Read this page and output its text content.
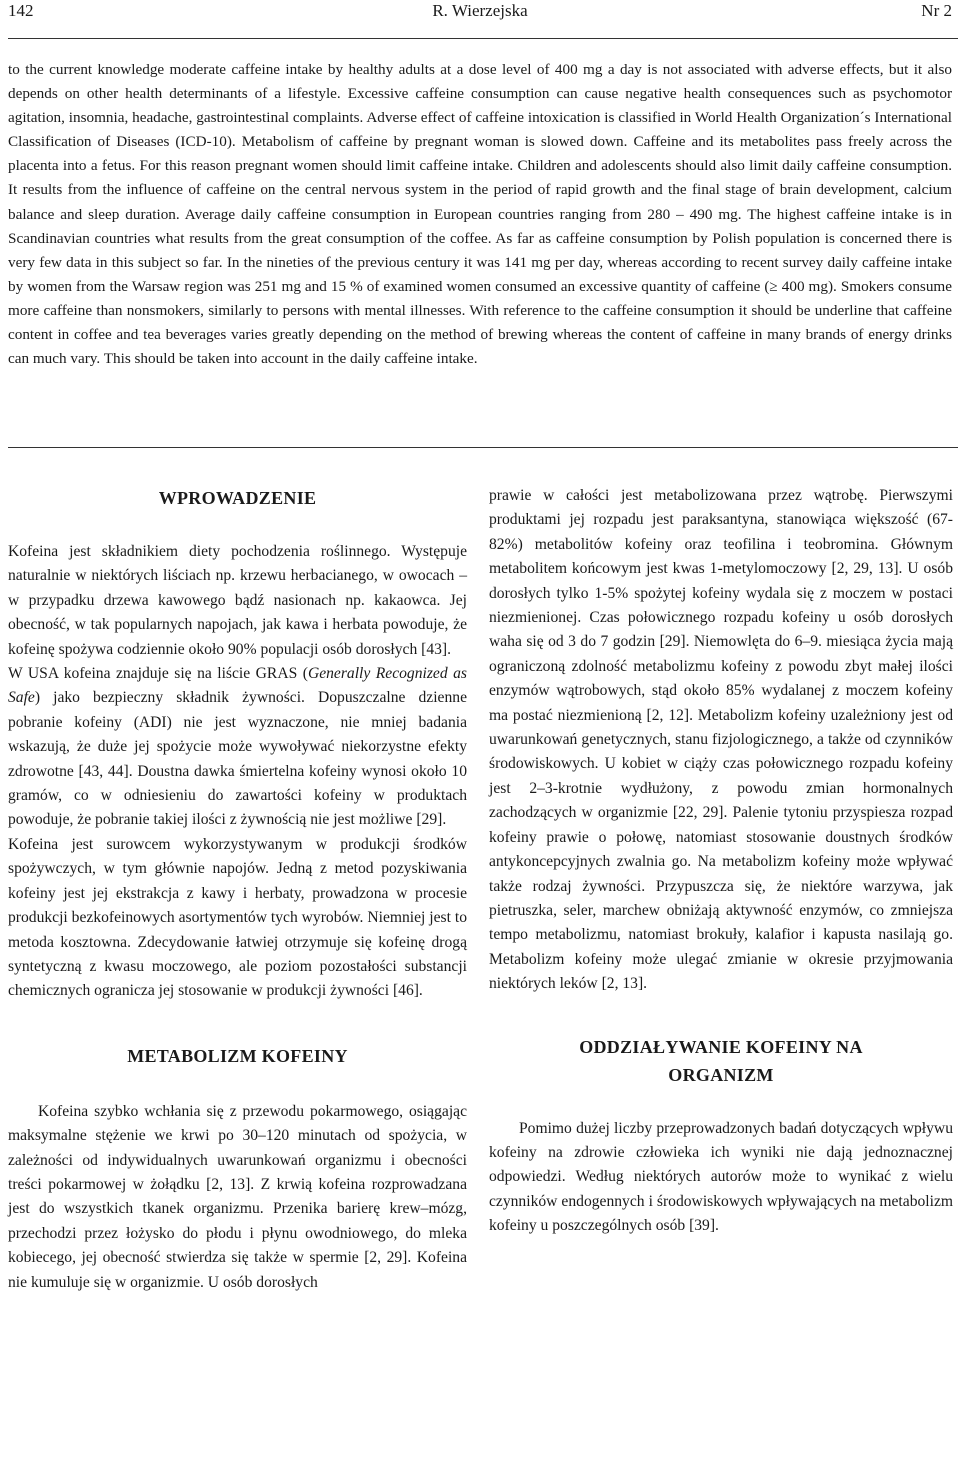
142	R. Wierzejska	Nr 2
to the current knowledge moderate caffeine intake by healthy adults at a dose level of 400 mg a day is not associated with adverse effects, but it also depends on other health determinants of a lifestyle. Excessive caffeine consumption can cause negative health consequences such as psychomotor agitation, insomnia, headache, gastrointestinal complaints. Adverse effect of caffeine intoxication is classified in World Health Organization´s International Classification of Diseases (ICD-10). Metabolism of caffeine by pregnant woman is slowed down. Caffeine and its metabolites pass freely across the placenta into a fetus. For this reason pregnant women should limit caffeine intake. Children and adolescents should also limit daily caffeine consumption. It results from the influence of caffeine on the central nervous system in the period of rapid growth and the final stage of brain development, calcium balance and sleep duration. Average daily caffeine consumption in European countries ranging from 280 – 490 mg. The highest caffeine intake is in Scandinavian countries what results from the great consumption of the coffee. As far as caffeine consumption by Polish population is concerned there is very few data in this subject so far. In the nineties of the previous century it was 141 mg per day, whereas according to recent survey daily caffeine intake by women from the Warsaw region was 251 mg and 15 % of examined women consumed an excessive quantity of caffeine (≥ 400 mg). Smokers consume more caffeine than nonsmokers, similarly to persons with mental illnesses. With reference to the caffeine consumption it should be underline that caffeine content in coffee and tea beverages varies greatly depending on the method of brewing whereas the content of caffeine in many brands of energy drinks can much vary. This should be taken into account in the daily caffeine intake.
WPROWADZENIE

Kofeina jest składnikiem diety pochodzenia roślinnego. Występuje naturalnie w niektórych liściach np. krzewu herbacianego, w owocach – w przypadku drzewa kawowego bądź nasionach np. kakaowca. Jej obecność, w tak popularnych napojach, jak kawa i herbata powoduje, że kofeinę spożywa codziennie około 90% populacji osób dorosłych [43].

W USA kofeina znajduje się na liście GRAS (Generally Recognized as Safe) jako bezpieczny składnik żywności. Dopuszczalne dzienne pobranie kofeiny (ADI) nie jest wyznaczone, nie mniej badania wskazują, że duże jej spożycie może wywoływać niekorzystne efekty zdrowotne [43, 44]. Doustna dawka śmiertelna kofeiny wynosi około 10 gramów, co w odniesieniu do zawartości kofeiny w produktach powoduje, że pobranie takiej ilości z żywnością nie jest możliwe [29].

Kofeina jest surowcem wykorzystywanym w produkcji środków spożywczych, w tym głównie napojów. Jedną z metod pozyskiwania kofeiny jest jej ekstrakcja z kawy i herbaty, prowadzona w procesie produkcji bezkofeinowych asortymentów tych wyrobów. Niemniej jest to metoda kosztowna. Zdecydowanie łatwiej otrzymuje się kofeinę drogą syntetyczną z kwasu moczowego, ale poziom pozostałości substancji chemicznych ogranicza jej stosowanie w produkcji żywności [46].

METABOLIZM KOFEINY

Kofeina szybko wchłania się z przewodu pokarmowego, osiągając maksymalne stężenie we krwi po 30–120 minutach od spożycia, w zależności od indywidualnych uwarunkowań organizmu i obecności treści pokarmowej w żołądku [2, 13]. Z krwią kofeina rozprowadzana jest do wszystkich tkanek organizmu. Przenika barierę krew–mózg, przechodzi przez łożysko do płodu i płynu owodniowego, do mleka kobiecego, jej obecność stwierdza się także w spermie [2, 29]. Kofeina nie kumuluje się w organizmie. U osób dorosłych

prawie w całości jest metabolizowana przez wątrobę. Pierwszymi produktami jej rozpadu jest paraksantyna, stanowiąca większość (67-82%) metabolitów kofeiny oraz teofilina i teobromina. Głównym metabolitem końcowym jest kwas 1-metylomoczowy [2, 29, 13]. U osób dorosłych tylko 1-5% spożytej kofeiny wydala się z moczem w postaci niezmienionej. Czas połowicznego rozpadu kofeiny u osób dorosłych waha się od 3 do 7 godzin [29]. Niemowlęta do 6–9. miesiąca życia mają ograniczoną zdolność metabolizmu kofeiny z powodu zbyt małej ilości enzymów wątrobowych, stąd około 85% wydalanej z moczem kofeiny ma postać niezmienioną [2, 12]. Metabolizm kofeiny uzależniony jest od uwarunkowań genetycznych, stanu fizjologicznego, a także od czynników środowiskowych. U kobiet w ciąży czas połowicznego rozpadu kofeiny jest 2–3-krotnie wydłużony, z powodu zmian hormonalnych zachodzących w organizmie [22, 29]. Palenie tytoniu przyspiesza rozpad kofeiny prawie o połowę, natomiast stosowanie doustnych środków antykoncepcyjnych zwalnia go. Na metabolizm kofeiny może wpływać także rodzaj żywności. Przypuszcza się, że niektóre warzywa, jak pietruszka, seler, marchew obniżają aktywność enzymów, co zmniejsza tempo metabolizmu, natomiast brokuły, kalafior i kapusta nasilają go. Metabolizm kofeiny może ulegać zmianie w okresie przyjmowania niektórych leków [2, 13].

ODDZIAŁYWANIE KOFEINY NA
ORGANIZM

Pomimo dużej liczby przeprowadzonych badań dotyczących wpływu kofeiny na zdrowie człowieka ich wyniki nie dają jednoznacznej odpowiedzi. Według niektórych autorów może to wynikać z wielu czynników endogennych i środowiskowych wpływających na metabolizm kofeiny u poszczególnych osób [39].
